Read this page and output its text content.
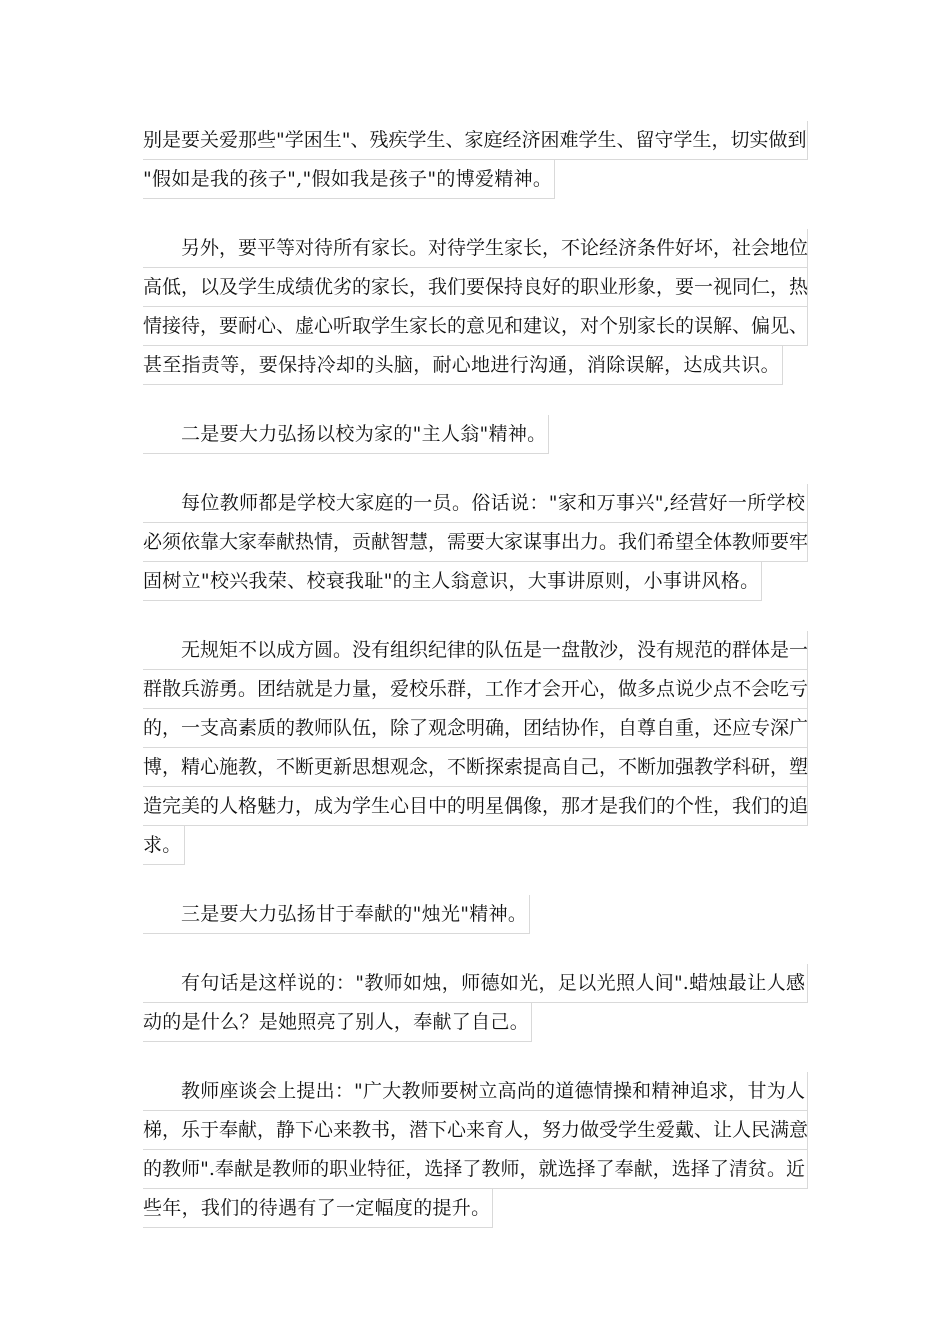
别是要关爱那些"学困生"、残疾学生、家庭经济困难学生、留守学生，切实做到
"假如是我的孩子","假如我是孩子"的博爱精神。
另外，要平等对待所有家长。对待学生家长，不论经济条件好坏，社会地位
高低，以及学生成绩优劣的家长，我们要保持良好的职业形象，要一视同仁，热
情接待，要耐心、虚心听取学生家长的意见和建议，对个别家长的误解、偏见、
甚至指责等，要保持冷却的头脑，耐心地进行沟通，消除误解，达成共识。
二是要大力弘扬以校为家的"主人翁"精神。
每位教师都是学校大家庭的一员。俗话说："家和万事兴",经营好一所学校
必须依靠大家奉献热情，贡献智慧，需要大家谋事出力。我们希望全体教师要牢
固树立"校兴我荣、校衰我耻"的主人翁意识，大事讲原则，小事讲风格。
无规矩不以成方圆。没有组织纪律的队伍是一盘散沙，没有规范的群体是一
群散兵游勇。团结就是力量，爱校乐群，工作才会开心，做多点说少点不会吃亏
的，一支高素质的教师队伍，除了观念明确，团结协作，自尊自重，还应专深广
博，精心施教，不断更新思想观念，不断探索提高自己，不断加强教学科研，塑
造完美的人格魅力，成为学生心目中的明星偶像，那才是我们的个性，我们的追
求。
三是要大力弘扬甘于奉献的"烛光"精神。
有句话是这样说的："教师如烛，师德如光，足以光照人间".蜡烛最让人感
动的是什么？是她照亮了别人，奉献了自己。
教师座谈会上提出："广大教师要树立高尚的道德情操和精神追求，甘为人
梯，乐于奉献，静下心来教书，潜下心来育人，努力做受学生爱戴、让人民满意
的教师".奉献是教师的职业特征，选择了教师，就选择了奉献，选择了清贫。近
些年，我们的待遇有了一定幅度的提升。
